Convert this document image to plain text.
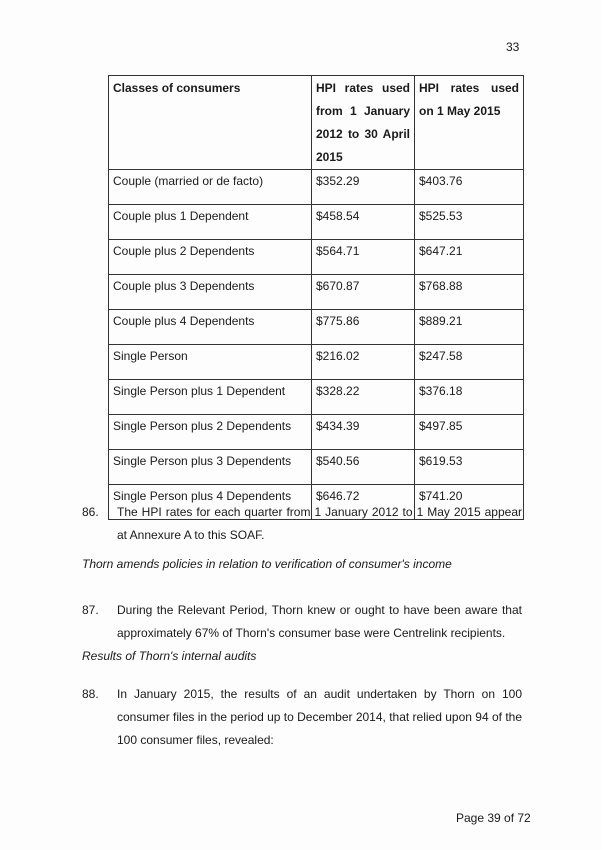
33
Classes of consumers	HPI rates used from 1 January 2012 to 30 April 2015	HPI rates used on 1 May 2015
Couple (married or de facto)	$352.29	$403.76
Couple plus 1 Dependent	$458.54	$525.53
Couple plus 2 Dependents	$564.71	$647.21
Couple plus 3 Dependents	$670.87	$768.88
Couple plus 4 Dependents	$775.86	$889.21
Single Person	$216.02	$247.58
Single Person plus 1 Dependent	$328.22	$376.18
Single Person plus 2 Dependents	$434.39	$497.85
Single Person plus 3 Dependents	$540.56	$619.53
Single Person plus 4 Dependents	$646.72	$741.20
86. The HPI rates for each quarter from 1 January 2012 to 1 May 2015 appear at Annexure A to this SOAF.
Thorn amends policies in relation to verification of consumer's income
87. During the Relevant Period, Thorn knew or ought to have been aware that approximately 67% of Thorn's consumer base were Centrelink recipients.
Results of Thorn's internal audits
88. In January 2015, the results of an audit undertaken by Thorn on 100 consumer files in the period up to December 2014, that relied upon 94 of the 100 consumer files, revealed:
Page 39 of 72
